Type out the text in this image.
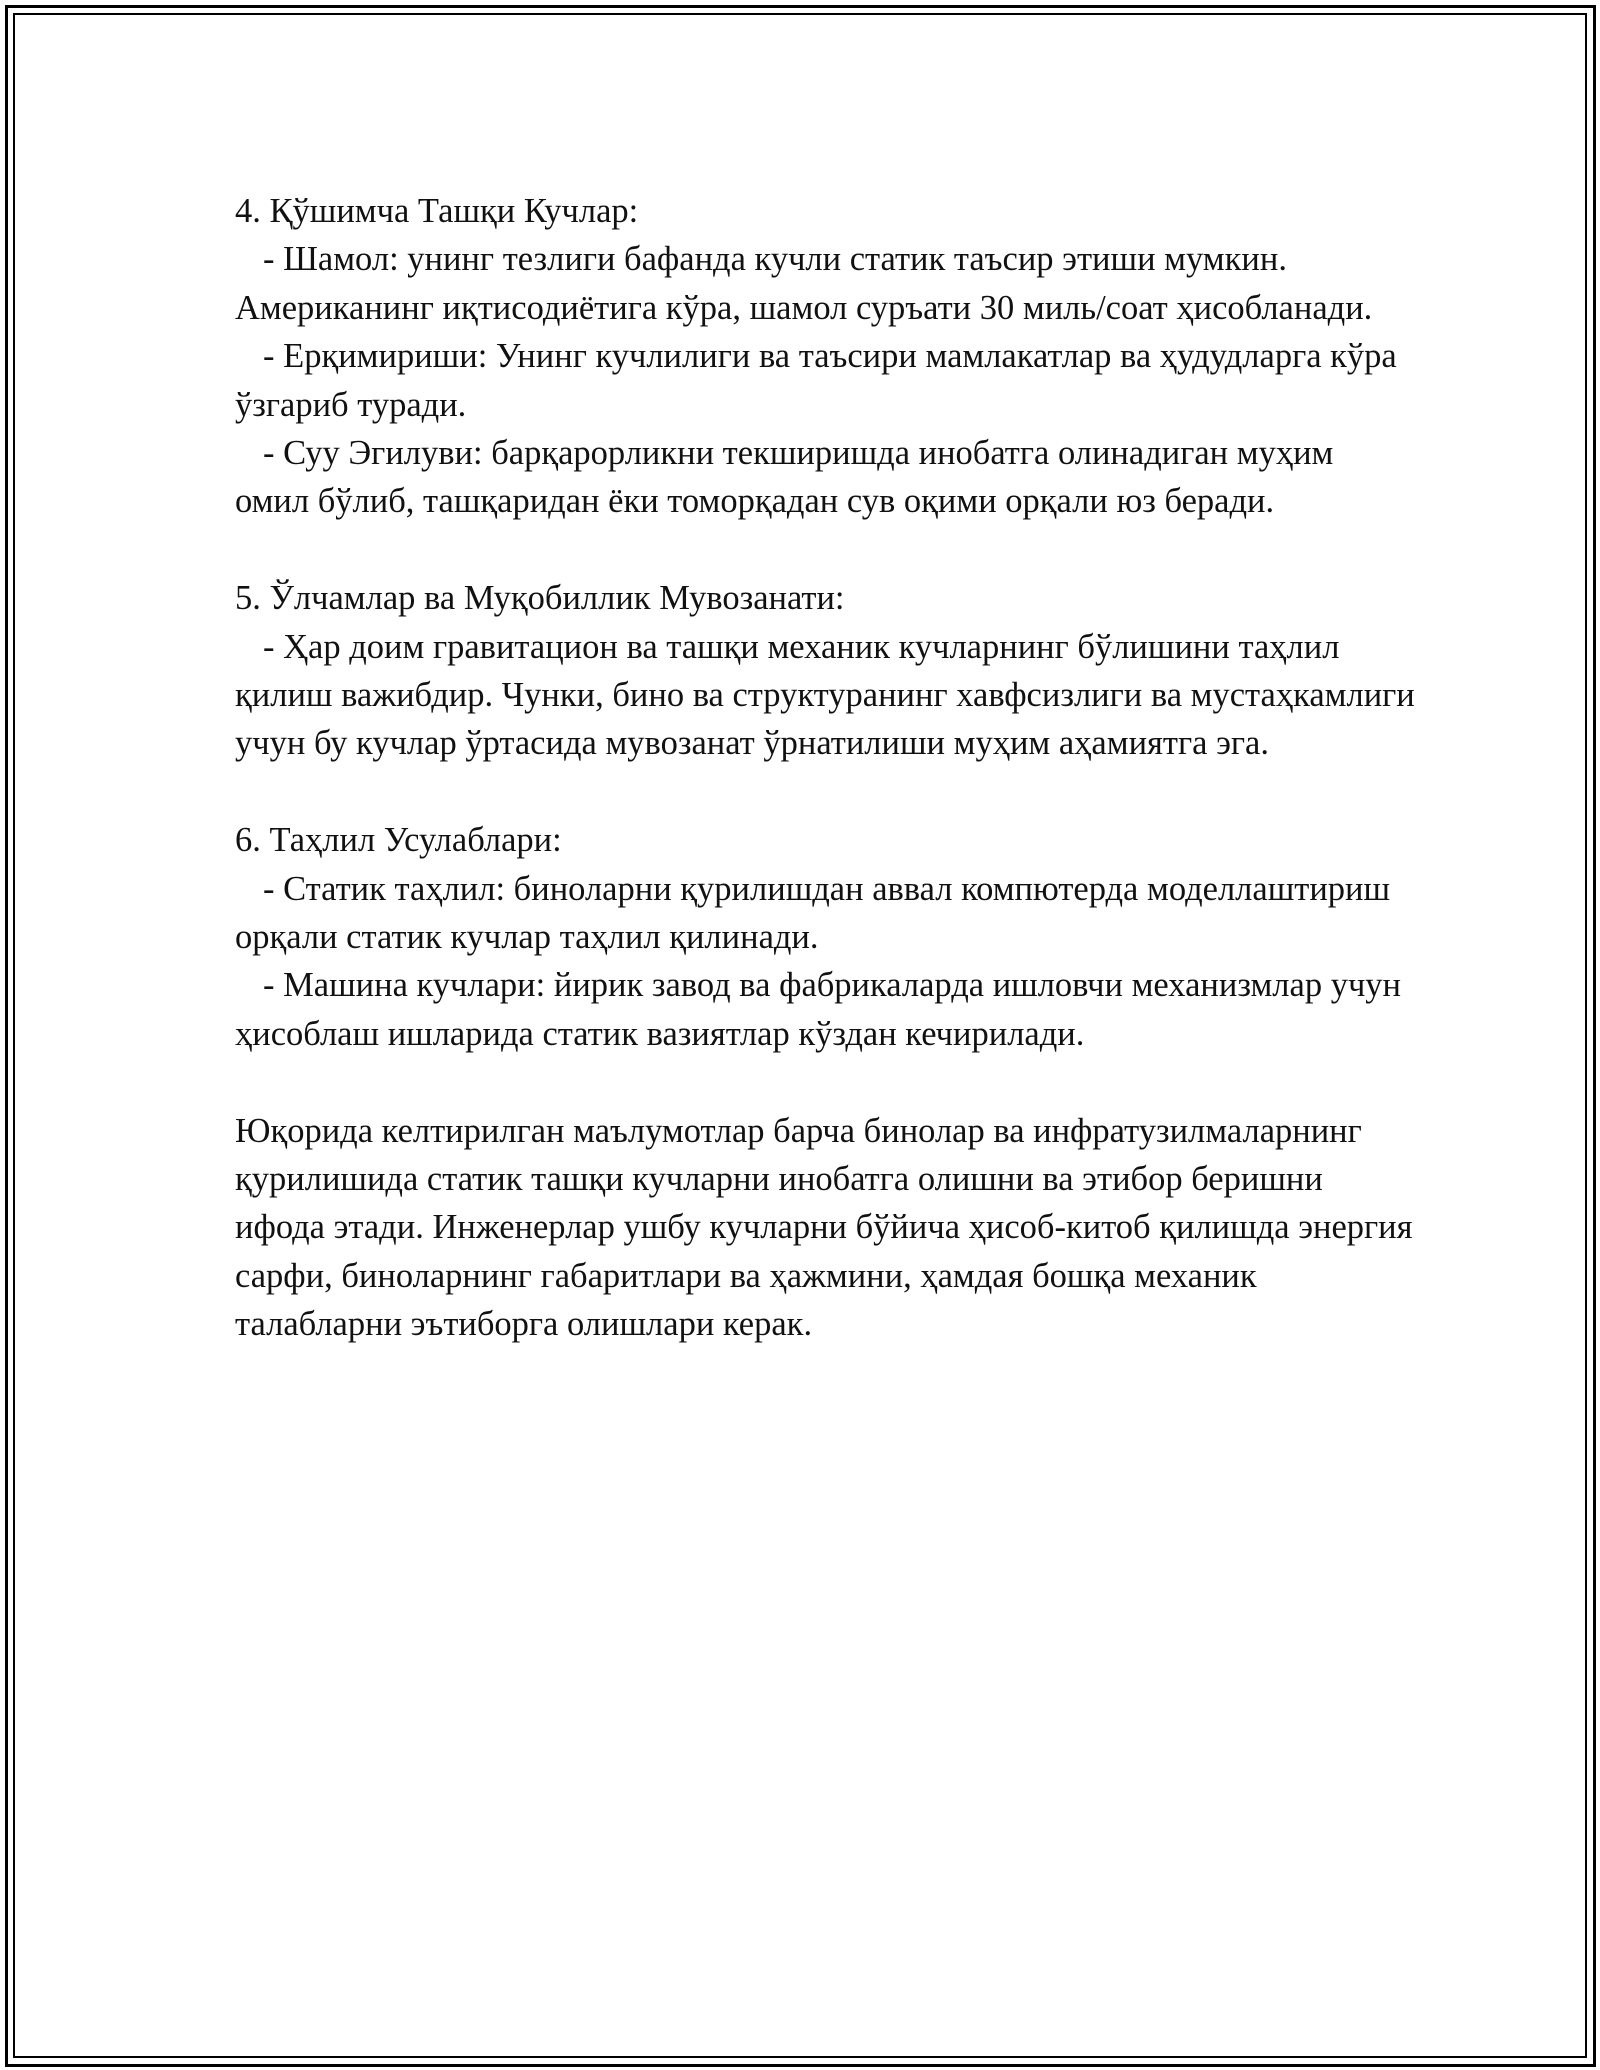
4. Қўшимча Ташқи Кучлар:

- Шамол: унинг тезлиги бафанда кучли статик таъсир этиши мумкин. Американинг иқтисодиётига кўра, шамол суръати 30 миль/соат ҳисобланади.

- Ерқимириши: Унинг кучлилиги ва таъсири мамлакатлар ва ҳудудларга кўра ўзгариб туради.

- Суу Эгилуви: барқарорликни текширишда инобатга олинадиган муҳим омил бўлиб, ташқаридан ёки томорқадан сув оқими орқали юз беради.

5. Ўлчамлар ва Муқобиллик Мувозанати:

- Ҳар доим гравитацион ва ташқи механик кучларнинг бўлишини таҳлил қилиш важибдир. Чунки, бино ва структуранинг хавфсизлиги ва мустаҳкамлиги учун бу кучлар ўртасида мувозанат ўрнатилиши муҳим аҳамиятга эга.

6. Таҳлил Усулаблари:

- Статик таҳлил: биноларни қурилишдан аввал компютерда моделлаштириш орқали статик кучлар таҳлил қилинади.

- Машина кучлари: йирик завод ва фабрикаларда ишловчи механизмлар учун ҳисоблаш ишларида статик вазиятлар кўздан кечирилади.

Юқорида келтирилган маълумотлар барча бинолар ва инфратузилмаларнинг қурилишида статик ташқи кучларни инобатга олишни ва этибор беришни ифода этади. Инженерлар ушбу кучларни бўйича ҳисоб-китоб қилишда энергия сарфи, биноларнинг габаритлари ва ҳажмини, ҳамдая бошқа механик талабларни эътиборга олишлари керак.
